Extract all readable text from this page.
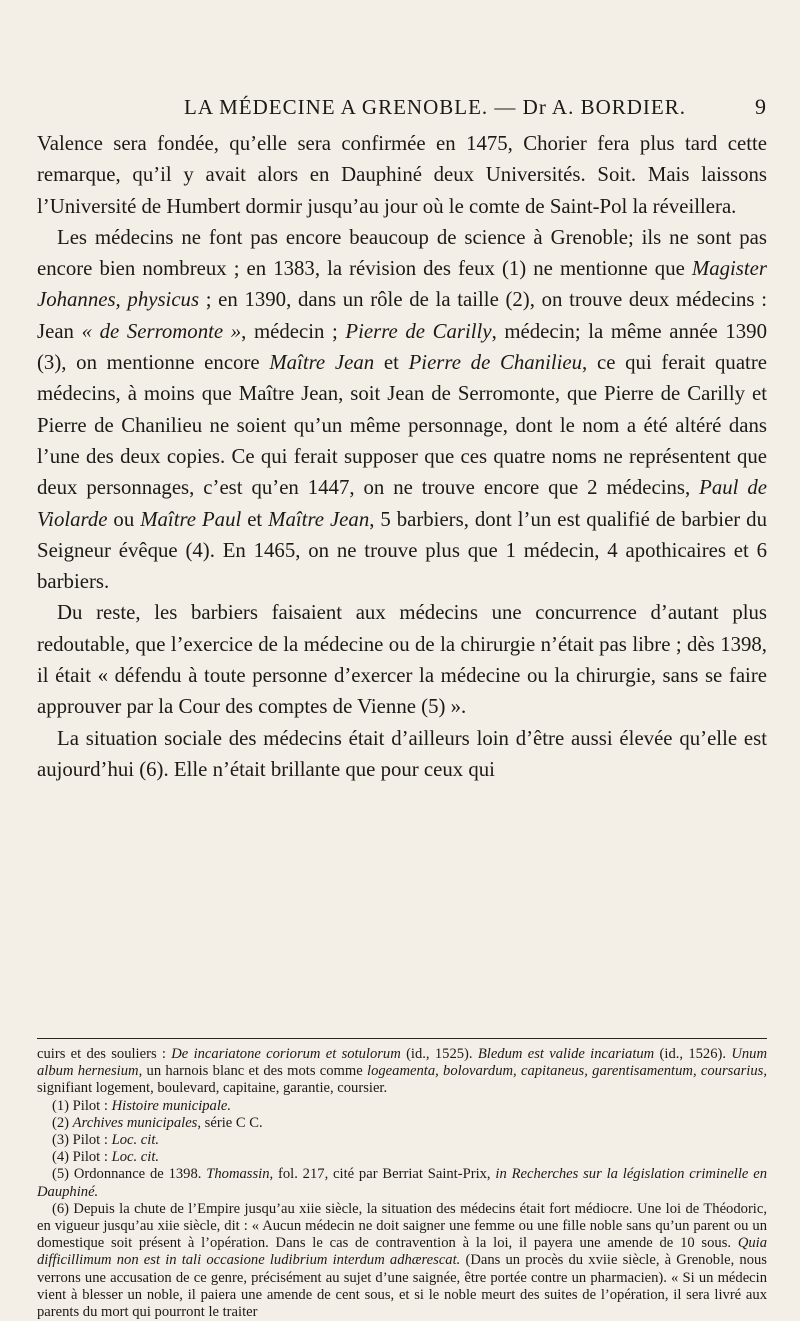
LA MÉDECINE A GRENOBLE. — Dr A. BORDIER.	9

Valence sera fondée, qu’elle sera confirmée en 1475, Chorier fera plus tard cette remarque, qu’il y avait alors en Dauphiné deux Universités. Soit. Mais laissons l’Université de Humbert dormir jusqu’au jour où le comte de Saint-Pol la réveillera.

Les médecins ne font pas encore beaucoup de science à Grenoble; ils ne sont pas encore bien nombreux ; en 1383, la révision des feux (1) ne mentionne que Magister Johannes, physicus ; en 1390, dans un rôle de la taille (2), on trouve deux médecins : Jean « de Serromonte », médecin ; Pierre de Carilly, médecin; la même année 1390 (3), on mentionne encore Maître Jean et Pierre de Chanilieu, ce qui ferait quatre médecins, à moins que Maître Jean, soit Jean de Serromonte, que Pierre de Carilly et Pierre de Chanilieu ne soient qu’un même personnage, dont le nom a été altéré dans l’une des deux copies. Ce qui ferait supposer que ces quatre noms ne représentent que deux personnages, c’est qu’en 1447, on ne trouve encore que 2 médecins, Paul de Violarde ou Maître Paul et Maître Jean, 5 barbiers, dont l’un est qualifié de barbier du Seigneur évêque (4). En 1465, on ne trouve plus que 1 médecin, 4 apothicaires et 6 barbiers.

Du reste, les barbiers faisaient aux médecins une concurrence d’autant plus redoutable, que l’exercice de la médecine ou de la chirurgie n’était pas libre ; dès 1398, il était « défendu à toute personne d’exercer la médecine ou la chirurgie, sans se faire approuver par la Cour des comptes de Vienne (5) ».

La situation sociale des médecins était d’ailleurs loin d’être aussi élevée qu’elle est aujourd’hui (6). Elle n’était brillante que pour ceux qui

cuirs et des souliers : De incariatone coriorum et sotulorum (id., 1525). Bledum est valide incariatum (id., 1526). Unum album hernesium, un harnois blanc et des mots comme logeamenta, bolovardum, capitaneus, garentisamentum, coursarius, signifiant logement, boulevard, capitaine, garantie, coursier.

(1) Pilot : Histoire municipale.

(2) Archives municipales, série C C.

(3) Pilot : Loc. cit.

(4) Pilot : Loc. cit.

(5) Ordonnance de 1398. Thomassin, fol. 217, cité par Berriat Saint-Prix, in Recherches sur la législation criminelle en Dauphiné.

(6) Depuis la chute de l’Empire jusqu’au xiie siècle, la situation des médecins était fort médiocre. Une loi de Théodoric, en vigueur jusqu’au xiie siècle, dit : « Aucun médecin ne doit saigner une femme ou une fille noble sans qu’un parent ou un domestique soit présent à l’opération. Dans le cas de contravention à la loi, il payera une amende de 10 sous. Quia difficillimum non est in tali occasione ludibrium interdum adhærescat. (Dans un procès du xviie siècle, à Grenoble, nous verrons une accusation de ce genre, précisément au sujet d’une saignée, être portée contre un pharmacien). « Si un médecin vient à blesser un noble, il paiera une amende de cent sous, et si le noble meurt des suites de l’opération, il sera livré aux parents du mort qui pourront le traiter
